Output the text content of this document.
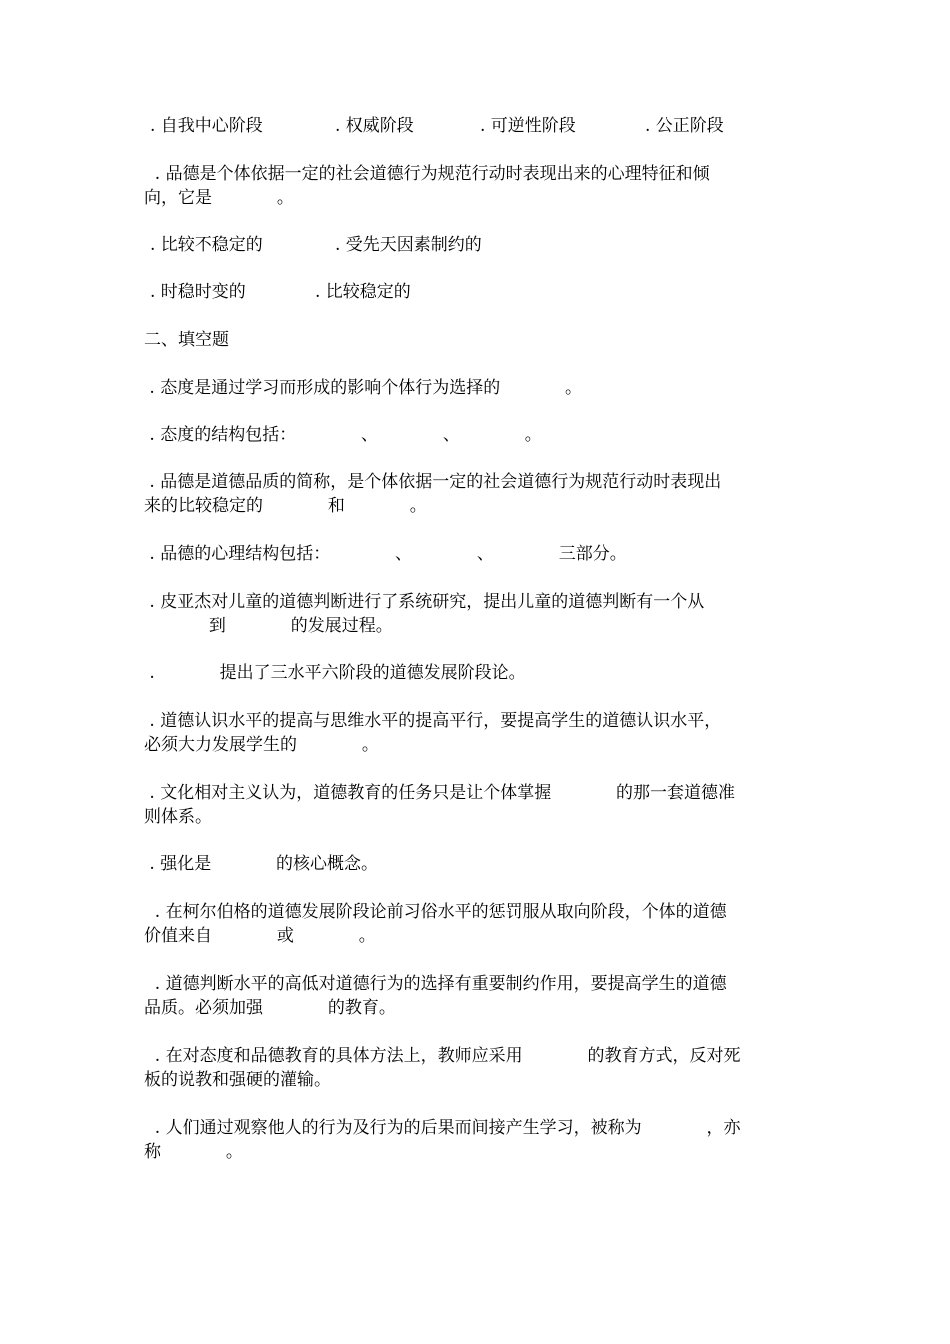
. 自我中心阶段	. 权威阶段	. 可逆性阶段	. 公正阶段
. 品德是个体依据一定的社会道德行为规范行动时表现出来的心理特征和倾
向，它是            。
. 比较不稳定的	. 受先天因素制约的
. 时稳时变的	. 比较稳定的
二、填空题
. 态度是通过学习而形成的影响个体行为选择的            。
. 态度的结构包括：            、            、            。
. 品德是道德品质的简称，是个体依据一定的社会道德行为规范行动时表现出
来的比较稳定的            和            。
. 品德的心理结构包括：            、            、            三部分。
. 皮亚杰对儿童的道德判断进行了系统研究，提出儿童的道德判断有一个从
到            的发展过程。
.            提出了三水平六阶段的道德发展阶段论。
. 道德认识水平的提高与思维水平的提高平行，要提高学生的道德认识水平，
必须大力发展学生的            。
. 文化相对主义认为，道德教育的任务只是让个体掌握            的那一套道德准
则体系。
. 强化是            的核心概念。
. 在柯尔伯格的道德发展阶段论前习俗水平的惩罚服从取向阶段，个体的道德
价值来自            或            。
. 道德判断水平的高低对道德行为的选择有重要制约作用，要提高学生的道德
品质。必须加强            的教育。
. 在对态度和品德教育的具体方法上，教师应采用            的教育方式，反对死
板的说教和强硬的灌输。
. 人们通过观察他人的行为及行为的后果而间接产生学习，被称为            ，亦
称            。
